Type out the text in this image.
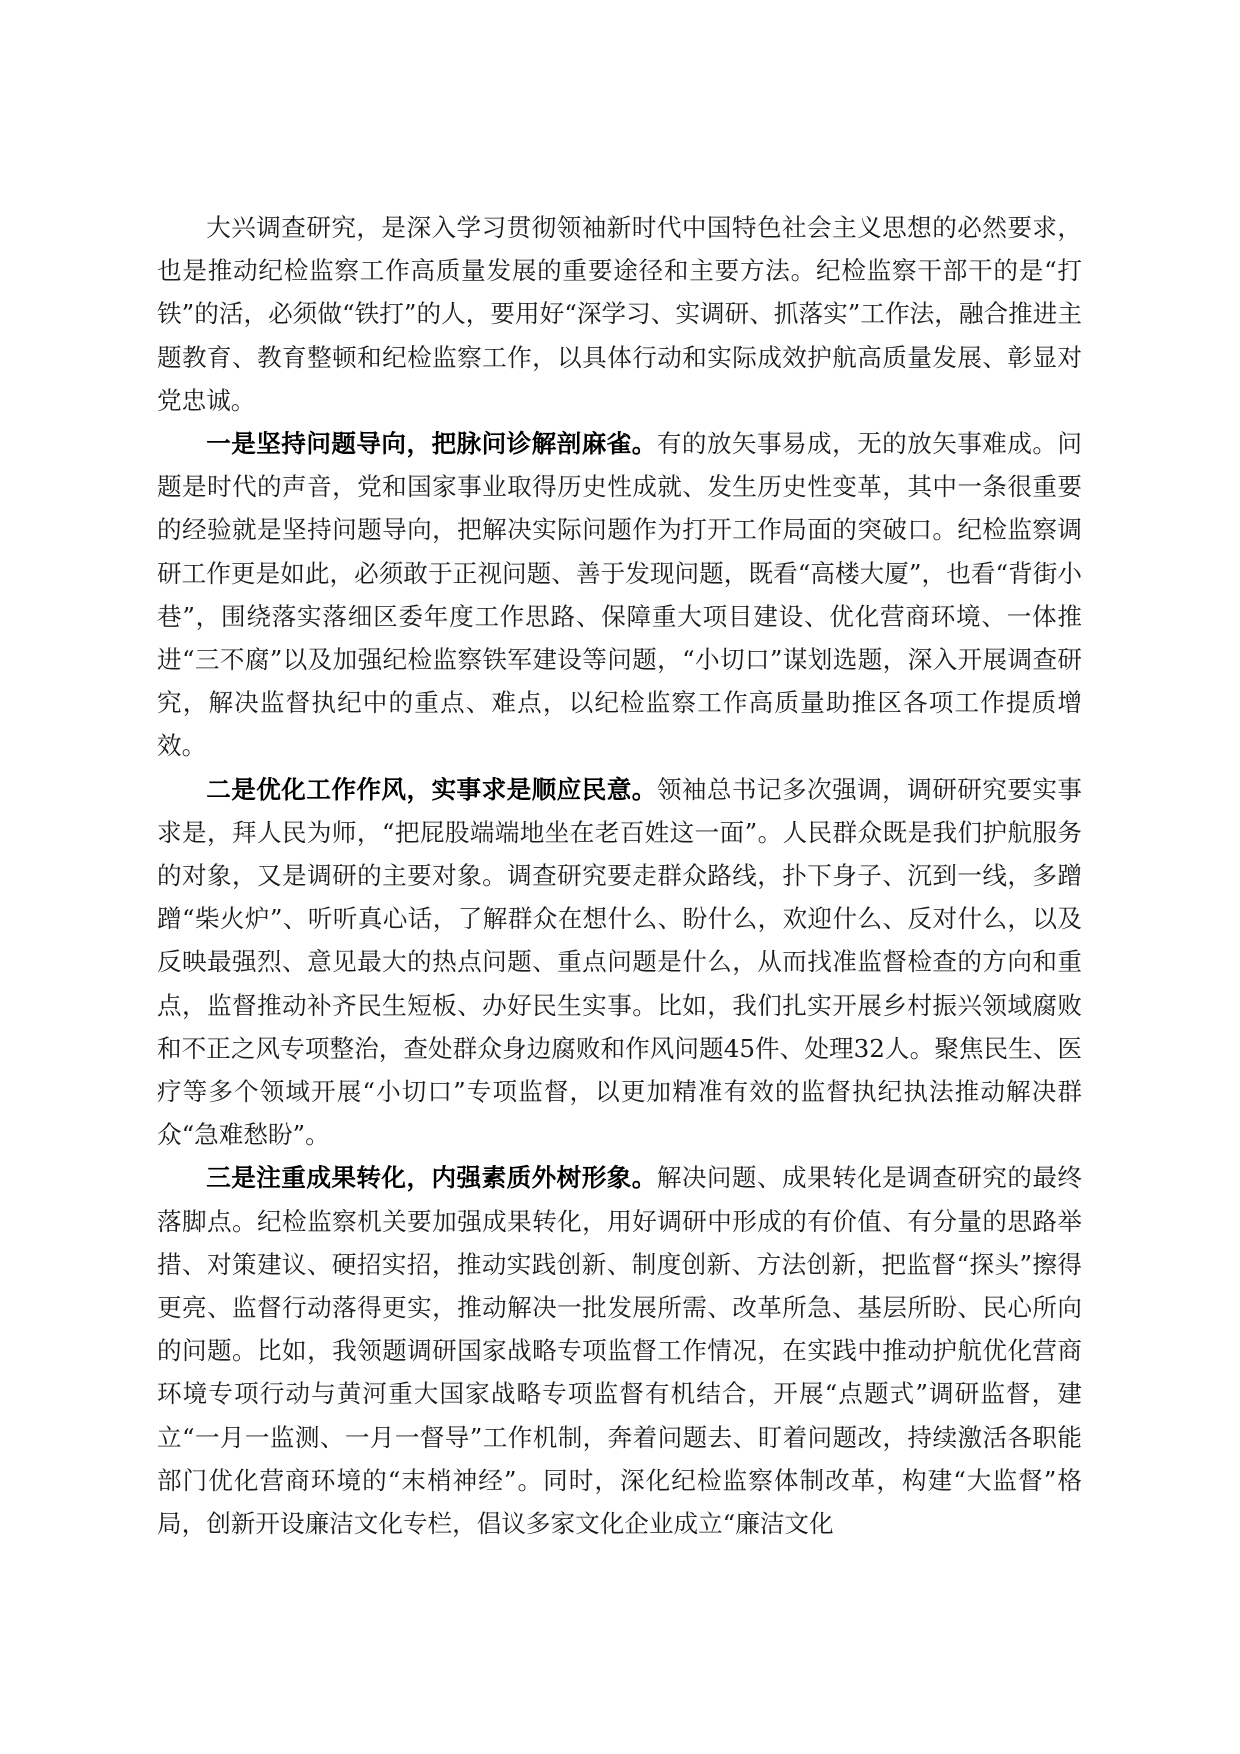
大兴调查研究，是深入学习贯彻领袖新时代中国特色社会主义思想的必然要求，也是推动纪检监察工作高质量发展的重要途径和主要方法。纪检监察干部干的是“打铁”的活，必须做“铁打”的人，要用好“深学习、实调研、抓落实”工作法，融合推进主题教育、教育整顿和纪检监察工作，以具体行动和实际成效护航高质量发展、彰显对党忠诚。

一是坚持问题导向，把脉问诊解剖麻雀。有的放矢事易成，无的放矢事难成。问题是时代的声音，党和国家事业取得历史性成就、发生历史性变革，其中一条很重要的经验就是坚持问题导向，把解决实际问题作为打开工作局面的突破口。纪检监察调研工作更是如此，必须敢于正视问题、善于发现问题，既看“高楼大厦”，也看“背街小巷”，围绕落实落细区委年度工作思路、保障重大项目建设、优化营商环境、一体推进“三不腐”以及加强纪检监察铁军建设等问题，“小切口”谋划选题，深入开展调查研究，解决监督执纪中的重点、难点，以纪检监察工作高质量助推区各项工作提质增效。

二是优化工作作风，实事求是顺应民意。领袖总书记多次强调，调研研究要实事求是，拜人民为师，“把屁股端端地坐在老百姓这一面”。人民群众既是我们护航服务的对象，又是调研的主要对象。调查研究要走群众路线，扑下身子、沉到一线，多蹭蹭“柴火炉”、听听真心话，了解群众在想什么、盼什么，欢迎什么、反对什么，以及反映最强烈、意见最大的热点问题、重点问题是什么，从而找准监督检查的方向和重点，监督推动补齐民生短板、办好民生实事。比如，我们扎实开展乡村振兴领域腐败和不正之风专项整治，查处群众身边腐败和作风问题45件、处理32人。聚焦民生、医疗等多个领域开展“小切口”专项监督，以更加精准有效的监督执纪执法推动解决群众“急难愁盼”。

三是注重成果转化，内强素质外树形象。解决问题、成果转化是调查研究的最终落脚点。纪检监察机关要加强成果转化，用好调研中形成的有价值、有分量的思路举措、对策建议、硬招实招，推动实践创新、制度创新、方法创新，把监督“探头”擦得更亮、监督行动落得更实，推动解决一批发展所需、改革所急、基层所盼、民心所向的问题。比如，我领题调研国家战略专项监督工作情况，在实践中推动护航优化营商环境专项行动与黄河重大国家战略专项监督有机结合，开展“点题式”调研监督，建立“一月一监测、一月一督导”工作机制，奔着问题去、盯着问题改，持续激活各职能部门优化营商环境的“末梢神经”。同时，深化纪检监察体制改革，构建“大监督”格局，创新开设廉洁文化专栏，倡议多家文化企业成立“廉洁文化
